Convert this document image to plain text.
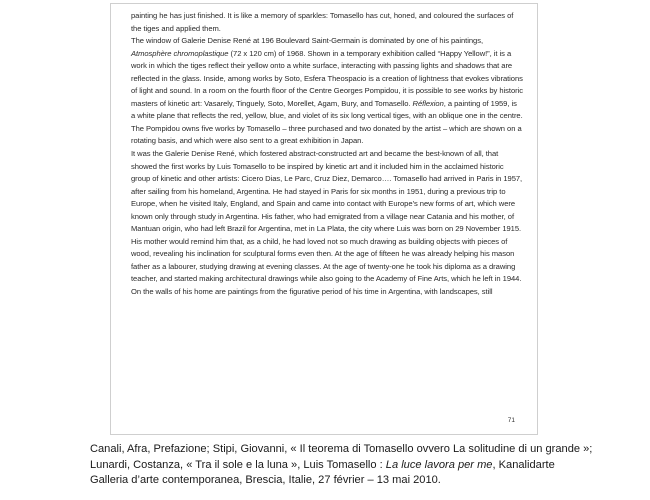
painting he has just finished. It is like a memory of sparkles: Tomasello has cut, honed, and coloured the surfaces of the tiges and applied them.

The window of Galerie Denise René at 196 Boulevard Saint-Germain is dominated by one of his paintings, Atmosphère chromoplastique (72 x 120 cm) of 1968. Shown in a temporary exhibition called “Happy Yellow!”, it is a work in which the tiges reflect their yellow onto a white surface, interacting with passing lights and shadows that are reflected in the glass. Inside, among works by Soto, Esfera Theospacio is a creation of lightness that evokes vibrations of light and sound. In a room on the fourth floor of the Centre Georges Pompidou, it is possible to see works by historic masters of kinetic art: Vasarely, Tinguely, Soto, Morellet, Agam, Bury, and Tomasello. Réflexion, a painting of 1959, is a white plane that reflects the red, yellow, blue, and violet of its six long vertical tiges, with an oblique one in the centre. The Pompidou owns five works by Tomasello – three purchased and two donated by the artist – which are shown on a rotating basis, and which were also sent to a great exhibition in Japan.

It was the Galerie Denise René, which fostered abstract-constructed art and became the best-known of all, that showed the first works by Luis Tomasello to be inspired by kinetic art and it included him in the acclaimed historic group of kinetic and other artists: Cicero Dias, Le Parc, Cruz Diez, Demarco…. Tomasello had arrived in Paris in 1957, after sailing from his homeland, Argentina. He had stayed in Paris for six months in 1951, during a previous trip to Europe, when he visited Italy, England, and Spain and came into contact with Europe’s new forms of art, which were known only through study in Argentina. His father, who had emigrated from a village near Catania and his mother, of Mantuan origin, who had left Brazil for Argentina, met in La Plata, the city where Luis was born on 29 November 1915. His mother would remind him that, as a child, he had loved not so much drawing as building objects with pieces of wood, revealing his inclination for sculptural forms even then. At the age of fifteen he was already helping his mason father as a labourer, studying drawing at evening classes. At the age of twenty-one he took his diploma as a drawing teacher, and started making architectural drawings while also going to the Academy of Fine Arts, which he left in 1944.

On the walls of his home are paintings from the figurative period of his time in Argentina, with landscapes, still

71
Canali, Afra, Prefazione; Stipi, Giovanni, « Il teorema di Tomasello ovvero La solitudine di un grande »;
Lunardi, Costanza, « Tra il sole e la luna », Luis Tomasello : La luce lavora per me, Kanalidarte
Galleria d’arte contemporanea, Brescia, Italie, 27 février – 13 mai 2010.
